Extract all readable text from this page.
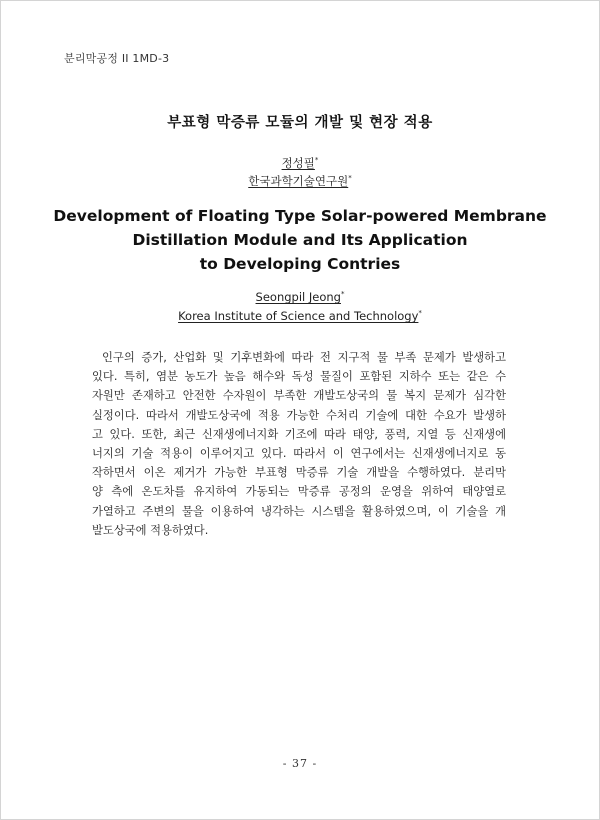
분리막공정 II 1MD-3
부표형 막증류 모듈의 개발 및 현장 적용
정성필*
한국과학기술연구원*
Development of Floating Type Solar-powered Membrane
Distillation Module and Its Application
to Developing Contries
Seongpil Jeong*
Korea Institute of Science and Technology*
인구의 증가, 산업화 및 기후변화에 따라 전 지구적 물 부족 문제가 발생하고
있다. 특히, 염분 농도가 높음 해수와 독성 물질이 포함된 지하수 또는 같은 수
자원만 존재하고 안전한 수자원이 부족한 개발도상국의 물 복지 문제가 심각한
실정이다. 따라서 개발도상국에 적용 가능한 수처리 기술에 대한 수요가 발생하
고 있다. 또한, 최근 신재생에너지화 기조에 따라 태양, 풍력, 지열 등 신재생에
너지의 기술 적용이 이루어지고 있다. 따라서 이 연구에서는 신재생에너지로 동
작하면서 이온 제거가 가능한 부표형 막증류 기술 개발을 수행하였다. 분리막
양 측에 온도차를 유지하여 가동되는 막증류 공정의 운영을 위하여 태양열로
가열하고 주변의 물을 이용하여 냉각하는 시스템을 활용하였으며, 이 기술을 개
발도상국에 적용하였다.
- 37 -
